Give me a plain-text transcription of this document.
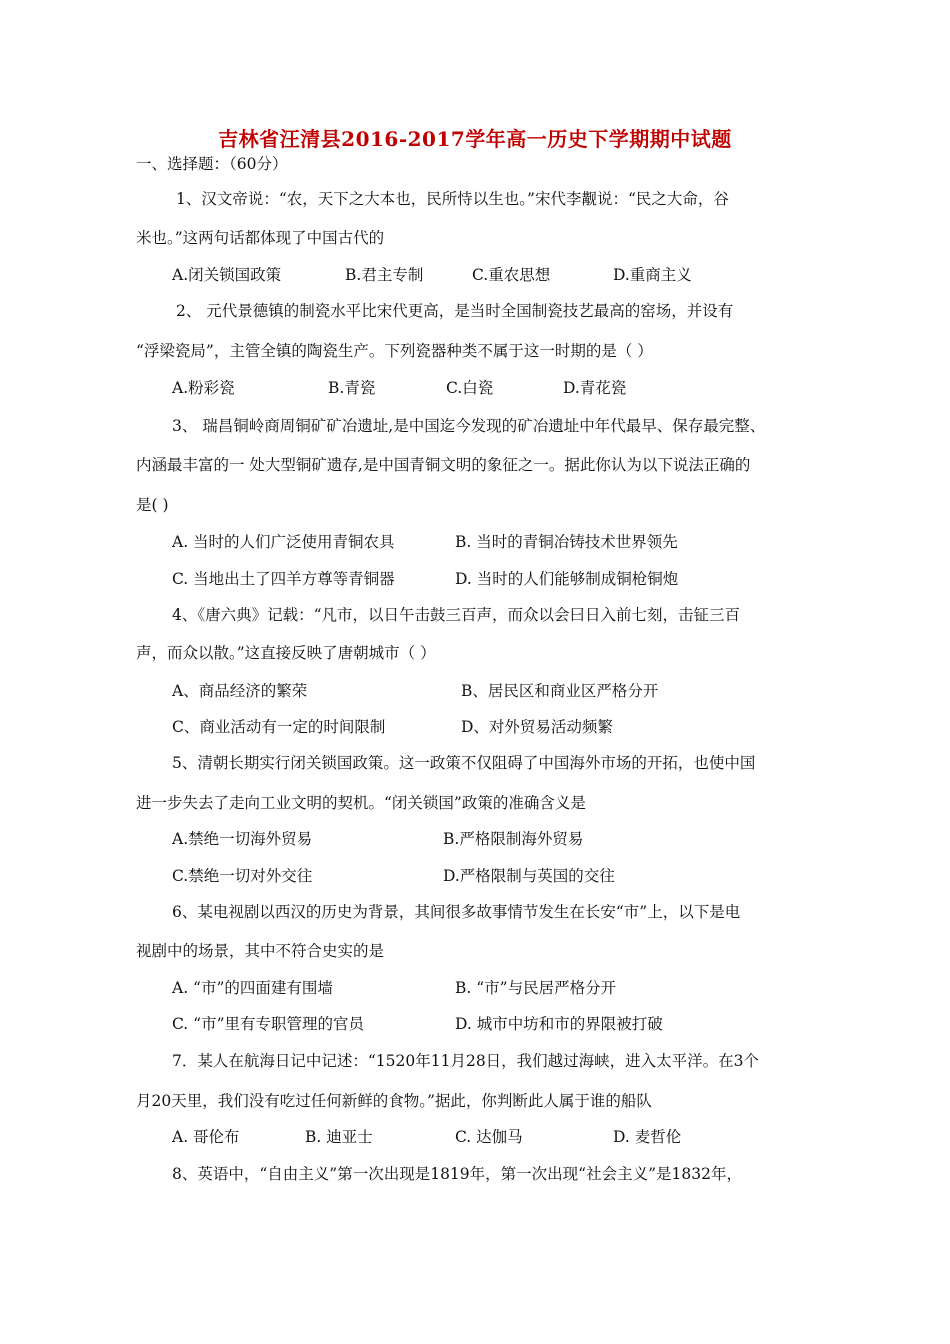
吉林省汪清县2016-2017学年高一历史下学期期中试题
一、选择题：（60分）
1、汉文帝说：“农，天下之大本也，民所恃以生也。”宋代李觏说：“民之大命，谷
米也。”这两句话都体现了中国古代的
A.闭关锁国政策	B.君主专制	C.重农思想	D.重商主义
2、 元代景德镇的制瓷水平比宋代更高，是当时全国制瓷技艺最高的窑场，并设有
“浮梁瓷局”，主管全镇的陶瓷生产。下列瓷器种类不属于这一时期的是（ ）
A.粉彩瓷	B.青瓷	C.白瓷	D.青花瓷
3、 瑞昌铜岭商周铜矿矿冶遗址,是中国迄今发现的矿冶遗址中年代最早、保存最完整、
内涵最丰富的一 处大型铜矿遗存,是中国青铜文明的象征之一。据此你认为以下说法正确的
是( )
A. 当时的人们广泛使用青铜农具	B. 当时的青铜冶铸技术世界领先
C. 当地出土了四羊方尊等青铜器	D. 当时的人们能够制成铜枪铜炮
4、《唐六典》记载：“凡市，以日午击鼓三百声，而众以会曰日入前七刻，击钲三百
声，而众以散。”这直接反映了唐朝城市（ ）
A、商品经济的繁荣	B、居民区和商业区严格分开
C、商业活动有一定的时间限制	D、对外贸易活动频繁
5、清朝长期实行闭关锁国政策。这一政策不仅阻碍了中国海外市场的开拓，也使中国
进一步失去了走向工业文明的契机。“闭关锁国”政策的准确含义是
A.禁绝一切海外贸易	B.严格限制海外贸易
C.禁绝一切对外交往	D.严格限制与英国的交往
6、某电视剧以西汉的历史为背景，其间很多故事情节发生在长安“市”上，以下是电
视剧中的场景，其中不符合史实的是
A. “市”的四面建有围墙	B. “市”与民居严格分开
C. “市”里有专职管理的官员	D. 城市中坊和市的界限被打破
7．某人在航海日记中记述：“1520年11月28日，我们越过海峡，进入太平洋。在3个
月20天里，我们没有吃过任何新鲜的食物。”据此，你判断此人属于谁的船队
A. 哥伦布	B. 迪亚士	C. 达伽马	D. 麦哲伦
8、英语中，“自由主义”第一次出现是1819年，第一次出现“社会主义”是1832年，
